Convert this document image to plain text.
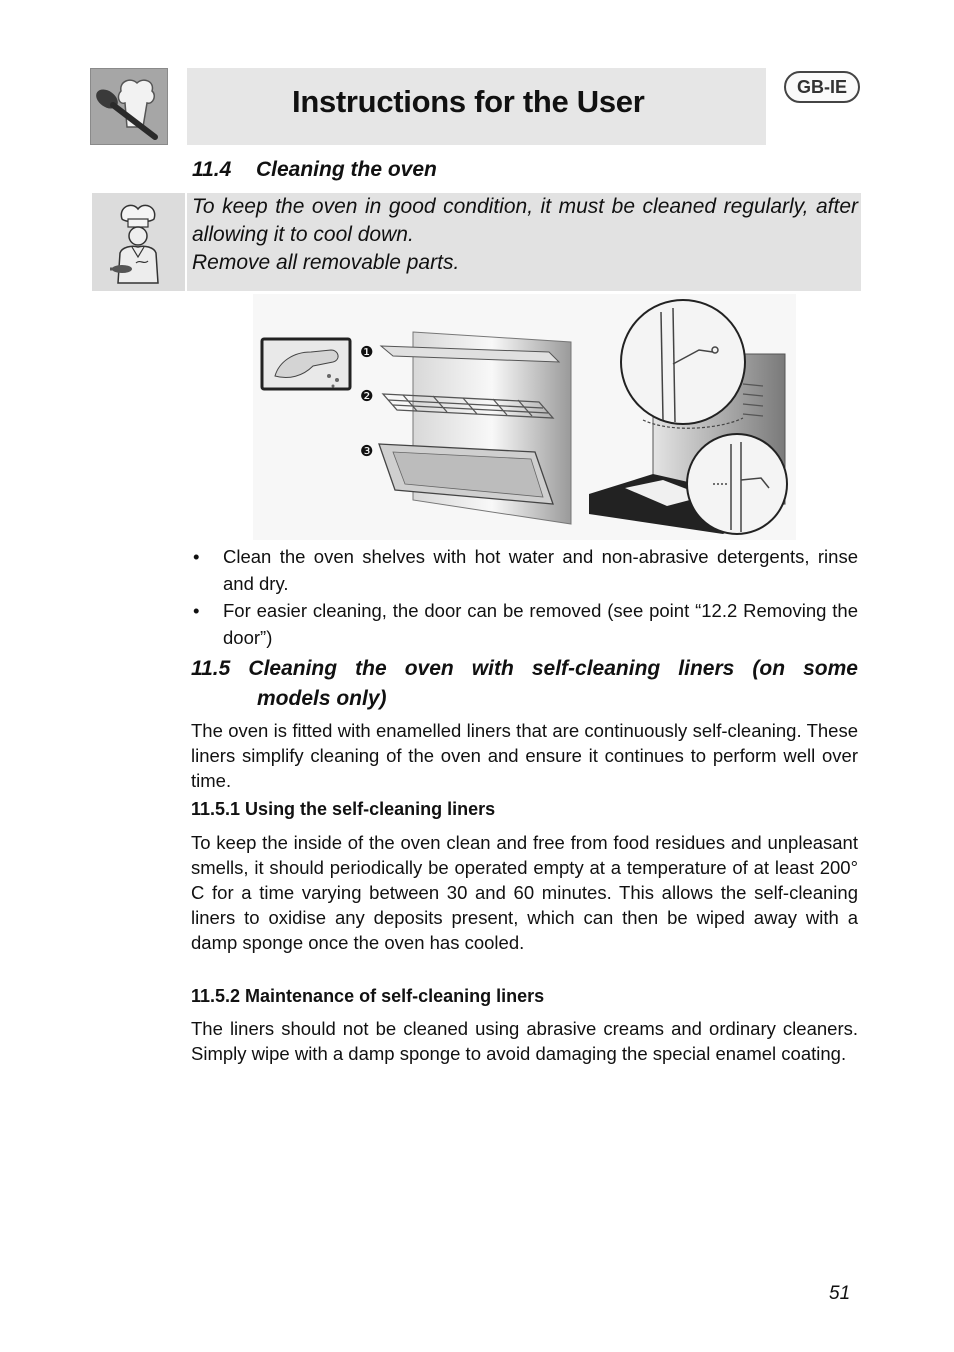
Instructions for the User	GB-IE
11.4 Cleaning the oven
To keep the oven in good condition, it must be cleaned regularly, after allowing it to cool down.
Remove all removable parts.
❶
❷
❸
• Clean the oven shelves with hot water and non-abrasive detergents, rinse and dry.
• For easier cleaning, the door can be removed (see point “12.2 Removing the door”)
11.5 Cleaning the oven with self-cleaning liners (on some
models only)
The oven is fitted with enamelled liners that are continuously self-cleaning. These liners simplify cleaning of the oven and ensure it continues to perform well over time.
11.5.1 Using the self-cleaning liners
To keep the inside of the oven clean and free from food residues and unpleasant smells, it should periodically be operated empty at a temperature of at least 200° C for a time varying between 30 and 60 minutes. This allows the self-cleaning liners to oxidise any deposits present, which can then be wiped away with a damp sponge once the oven has cooled.
11.5.2 Maintenance of self-cleaning liners
The liners should not be cleaned using abrasive creams and ordinary cleaners. Simply wipe with a damp sponge to avoid damaging the special enamel coating.
51
